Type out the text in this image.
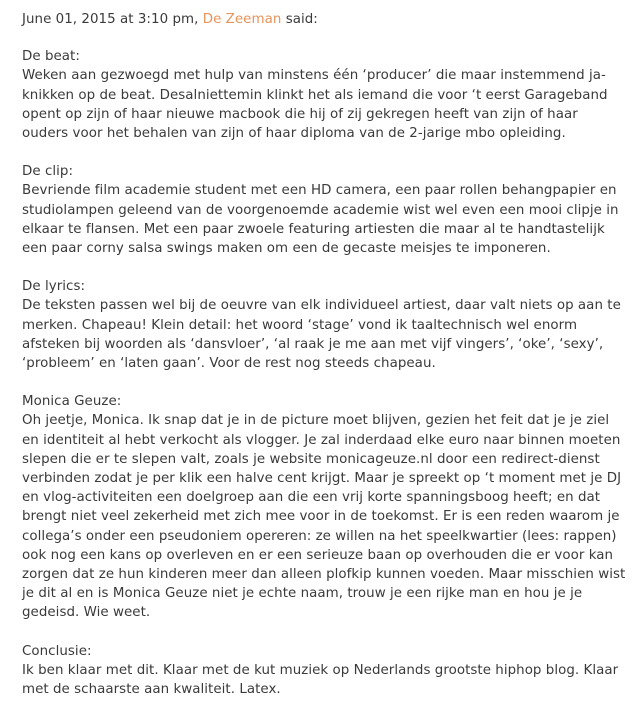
June 01, 2015 at 3:10 pm, De Zeeman said:
De beat:
Weken aan gezwoegd met hulp van minstens één ‘producer’ die maar instemmend ja-knikken op de beat. Desalniettemin klinkt het als iemand die voor ‘t eerst Garageband opent op zijn of haar nieuwe macbook die hij of zij gekregen heeft van zijn of haar ouders voor het behalen van zijn of haar diploma van de 2-jarige mbo opleiding.
De clip:
Bevriende film academie student met een HD camera, een paar rollen behangpapier en studiolampen geleend van de voorgenoemde academie wist wel even een mooi clipje in elkaar te flansen. Met een paar zwoele featuring artiesten die maar al te handtastelijk een paar corny salsa swings maken om een de gecaste meisjes te imponeren.
De lyrics:
De teksten passen wel bij de oeuvre van elk individueel artiest, daar valt niets op aan te merken. Chapeau! Klein detail: het woord ‘stage’ vond ik taaltechnisch wel enorm afsteken bij woorden als ‘dansvloer’, ‘al raak je me aan met vijf vingers’, ‘oke’, ‘sexy’, ‘probleem’ en ‘laten gaan’. Voor de rest nog steeds chapeau.
Monica Geuze:
Oh jeetje, Monica. Ik snap dat je in de picture moet blijven, gezien het feit dat je je ziel en identiteit al hebt verkocht als vlogger. Je zal inderdaad elke euro naar binnen moeten slepen die er te slepen valt, zoals je website monicageuze.nl door een redirect-dienst verbinden zodat je per klik een halve cent krijgt. Maar je spreekt op ‘t moment met je DJ en vlog-activiteiten een doelgroep aan die een vrij korte spanningsboog heeft; en dat brengt niet veel zekerheid met zich mee voor in de toekomst. Er is een reden waarom je collega’s onder een pseudoniem opereren: ze willen na het speelkwartier (lees: rappen) ook nog een kans op overleven en er een serieuze baan op overhouden die er voor kan zorgen dat ze hun kinderen meer dan alleen plofkip kunnen voeden. Maar misschien wist je dit al en is Monica Geuze niet je echte naam, trouw je een rijke man en hou je je gedeisd. Wie weet.
Conclusie:
Ik ben klaar met dit. Klaar met de kut muziek op Nederlands grootste hiphop blog. Klaar met de schaarste aan kwaliteit. Latex.
